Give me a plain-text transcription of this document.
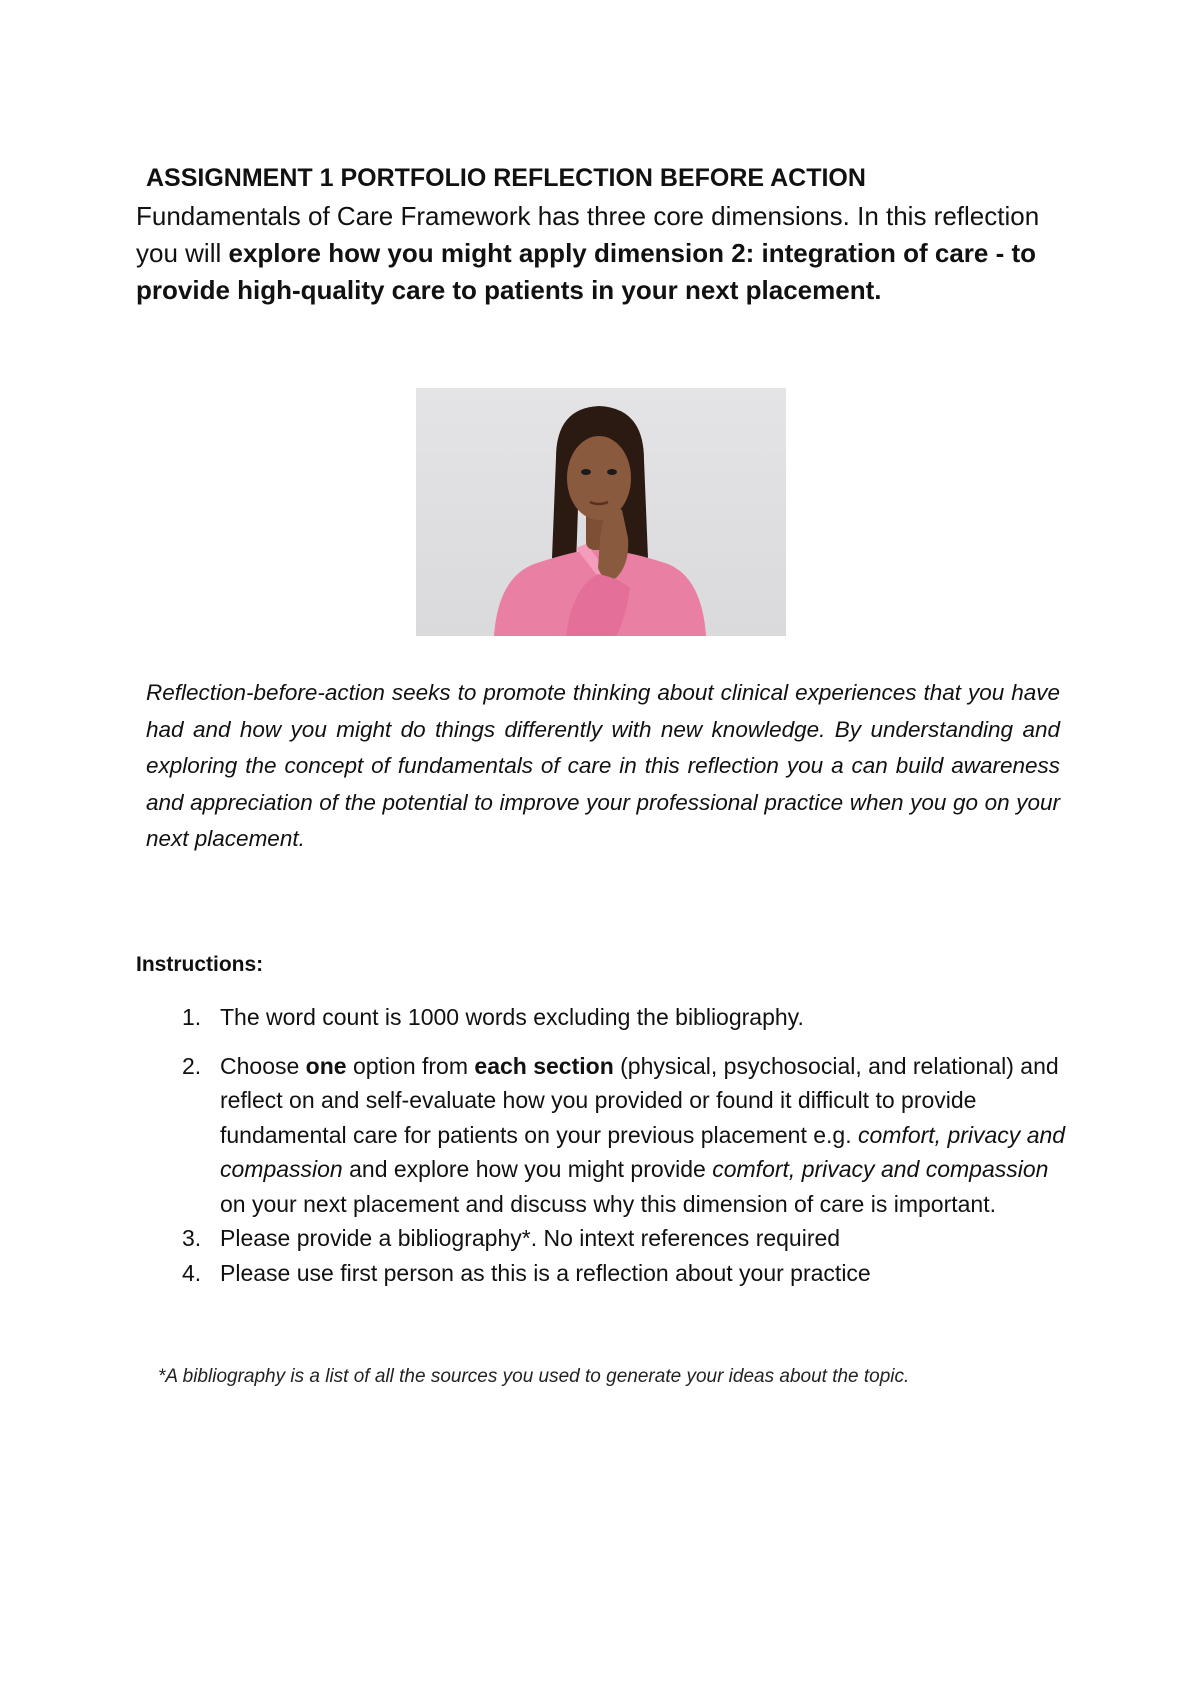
ASSIGNMENT 1 PORTFOLIO REFLECTION BEFORE ACTION
Fundamentals of Care Framework has three core dimensions. In this reflection you will explore how you might apply dimension 2: integration of care - to provide high-quality care to patients in your next placement.
Reflection-before-action seeks to promote thinking about clinical experiences that you have had and how you might do things differently with new knowledge. By understanding and exploring the concept of fundamentals of care in this reflection you a can build awareness and appreciation of the potential to improve your professional practice when you go on your next placement.
Instructions:
1. The word count is 1000 words excluding the bibliography.
2. Choose one option from each section (physical, psychosocial, and relational) and reflect on and self-evaluate how you provided or found it difficult to provide fundamental care for patients on your previous placement e.g. comfort, privacy and compassion and explore how you might provide comfort, privacy and compassion on your next placement and discuss why this dimension of care is important.
3. Please provide a bibliography*. No intext references required
4. Please use first person as this is a reflection about your practice
*A bibliography is a list of all the sources you used to generate your ideas about the topic.
